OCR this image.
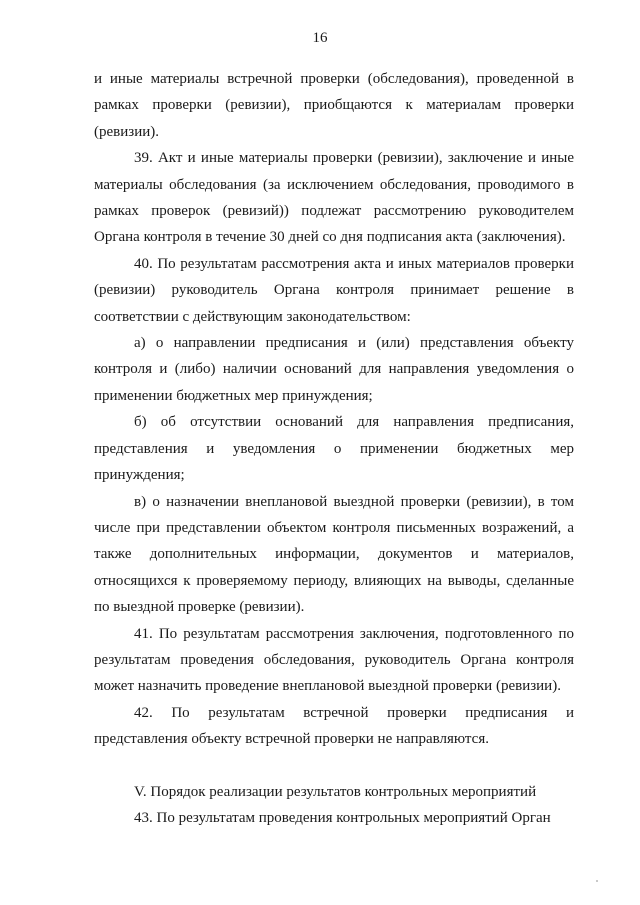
16

и иные материалы встречной проверки (обследования), проведенной в рамках проверки (ревизии), приобщаются к материалам проверки (ревизии).

39. Акт и иные материалы проверки (ревизии), заключение и иные материалы обследования (за исключением обследования, проводимого в рамках проверок (ревизий)) подлежат рассмотрению руководителем Органа контроля в течение 30 дней со дня подписания акта (заключения).

40. По результатам рассмотрения акта и иных материалов проверки (ревизии) руководитель Органа контроля принимает решение в соответствии с действующим законодательством:

а) о направлении предписания и (или) представления объекту контроля и (либо) наличии оснований для направления уведомления о применении бюджетных мер принуждения;

б) об отсутствии оснований для направления предписания, представления и уведомления о применении бюджетных мер принуждения;

в) о назначении внеплановой выездной проверки (ревизии), в том числе при представлении объектом контроля письменных возражений, а также дополнительных информации, документов и материалов, относящихся к проверяемому периоду, влияющих на выводы, сделанные по выездной проверке (ревизии).

41. По результатам рассмотрения заключения, подготовленного по результатам проведения обследования, руководитель Органа контроля может назначить проведение внеплановой выездной проверки (ревизии).

42. По результатам встречной проверки предписания и представления объекту встречной проверки не направляются.

V. Порядок реализации результатов контрольных мероприятий

43. По результатам проведения контрольных мероприятий Орган
